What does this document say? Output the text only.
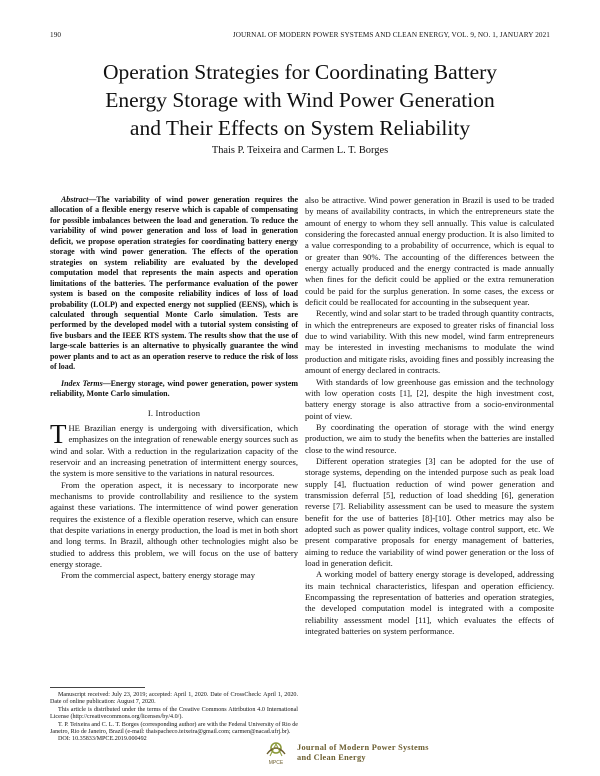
190	JOURNAL OF MODERN POWER SYSTEMS AND CLEAN ENERGY, VOL. 9, NO. 1, JANUARY 2021
Operation Strategies for Coordinating Battery
Energy Storage with Wind Power Generation
and Their Effects on System Reliability
Thais P. Teixeira and Carmen L. T. Borges

Abstract—The variability of wind power generation requires the allocation of a flexible energy reserve which is capable of compensating for possible imbalances between the load and generation. To reduce the variability of wind power generation and loss of load in generation deficit, we propose operation strategies for coordinating battery energy storage with wind power generation. The effects of the operation strategies on system reliability are evaluated by the developed computation model that represents the main aspects and operation limitations of the batteries. The performance evaluation of the power system is based on the composite reliability indices of loss of load probability (LOLP) and expected energy not supplied (EENS), which is calculated through sequential Monte Carlo simulation. Tests are performed by the developed model with a tutorial system consisting of five busbars and the IEEE RTS system. The results show that the use of large-scale batteries is an alternative to physically guarantee the wind power plants and to act as an operation reserve to reduce the risk of loss of load.

Index Terms—Energy storage, wind power generation, power system reliability, Monte Carlo simulation.

I. Introduction

THE Brazilian energy is undergoing with diversification, which emphasizes on the integration of renewable energy sources such as wind and solar. With a reduction in the regularization capacity of the reservoir and an increasing penetration of intermittent energy sources, the system is more sensitive to the variations in natural resources.

From the operation aspect, it is necessary to incorporate new mechanisms to provide controllability and resilience to the system against these variations. The intermittence of wind power generation requires the existence of a flexible operation reserve, which can ensure that despite variations in energy production, the load is met in both short and long terms. In Brazil, although other technologies might also be studied to address this problem, we will focus on the use of battery energy storage.

From the commercial aspect, battery energy storage may

Manuscript received: July 23, 2019; accepted: April 1, 2020. Date of CrossCheck: April 1, 2020. Date of online publication: August 7, 2020.

This article is distributed under the terms of the Creative Commons Attribution 4.0 International License (http://creativecommons.org/licenses/by/4.0/).

T. P. Teixeira and C. L. T. Borges (corresponding author) are with the Federal University of Rio de Janeiro, Rio de Janeiro, Brazil (e-mail: thaispacheco.teixeira@gmail.com; carmen@nacad.ufrj.br).

DOI: 10.35833/MPCE.2019.000492

also be attractive. Wind power generation in Brazil is used to be traded by means of availability contracts, in which the entrepreneurs state the amount of energy to whom they sell annually. This value is calculated considering the forecasted annual energy production. It is also limited to a value corresponding to a probability of occurrence, which is equal to or greater than 90%. The accounting of the differences between the energy actually produced and the energy contracted is made annually when fines for the deficit could be applied or the extra remuneration could be paid for the surplus generation. In some cases, the excess or deficit could be reallocated for accounting in the subsequent year.

Recently, wind and solar start to be traded through quantity contracts, in which the entrepreneurs are exposed to greater risks of financial loss due to wind variability. With this new model, wind farm entrepreneurs may be interested in investing mechanisms to modulate the wind production and mitigate risks, avoiding fines and possibly increasing the amount of energy declared in contracts.

With standards of low greenhouse gas emission and the technology with low operation costs [1], [2], despite the high investment cost, battery energy storage is also attractive from a socio-environmental point of view.

By coordinating the operation of storage with the wind energy production, we aim to study the benefits when the batteries are installed close to the wind resource.

Different operation strategies [3] can be adopted for the use of storage systems, depending on the intended purpose such as peak load supply [4], fluctuation reduction of wind power generation and transmission deferral [5], reduction of load shedding [6], generation reverse [7]. Reliability assessment can be used to measure the system benefit for the use of batteries [8]-[10]. Other metrics may also be adopted such as power quality indices, voltage control support, etc. We present comparative proposals for energy management of batteries, aiming to reduce the variability of wind power generation or the loss of load in generation deficit.

A working model of battery energy storage is developed, addressing its main technical characteristics, lifespan and operation efficiency. Encompassing the representation of batteries and operation strategies, the developed computation model is integrated with a composite reliability assessment model [11], which evaluates the effects of integrated batteries on system performance.

MPCE
Journal of Modern Power Systems
and Clean Energy
